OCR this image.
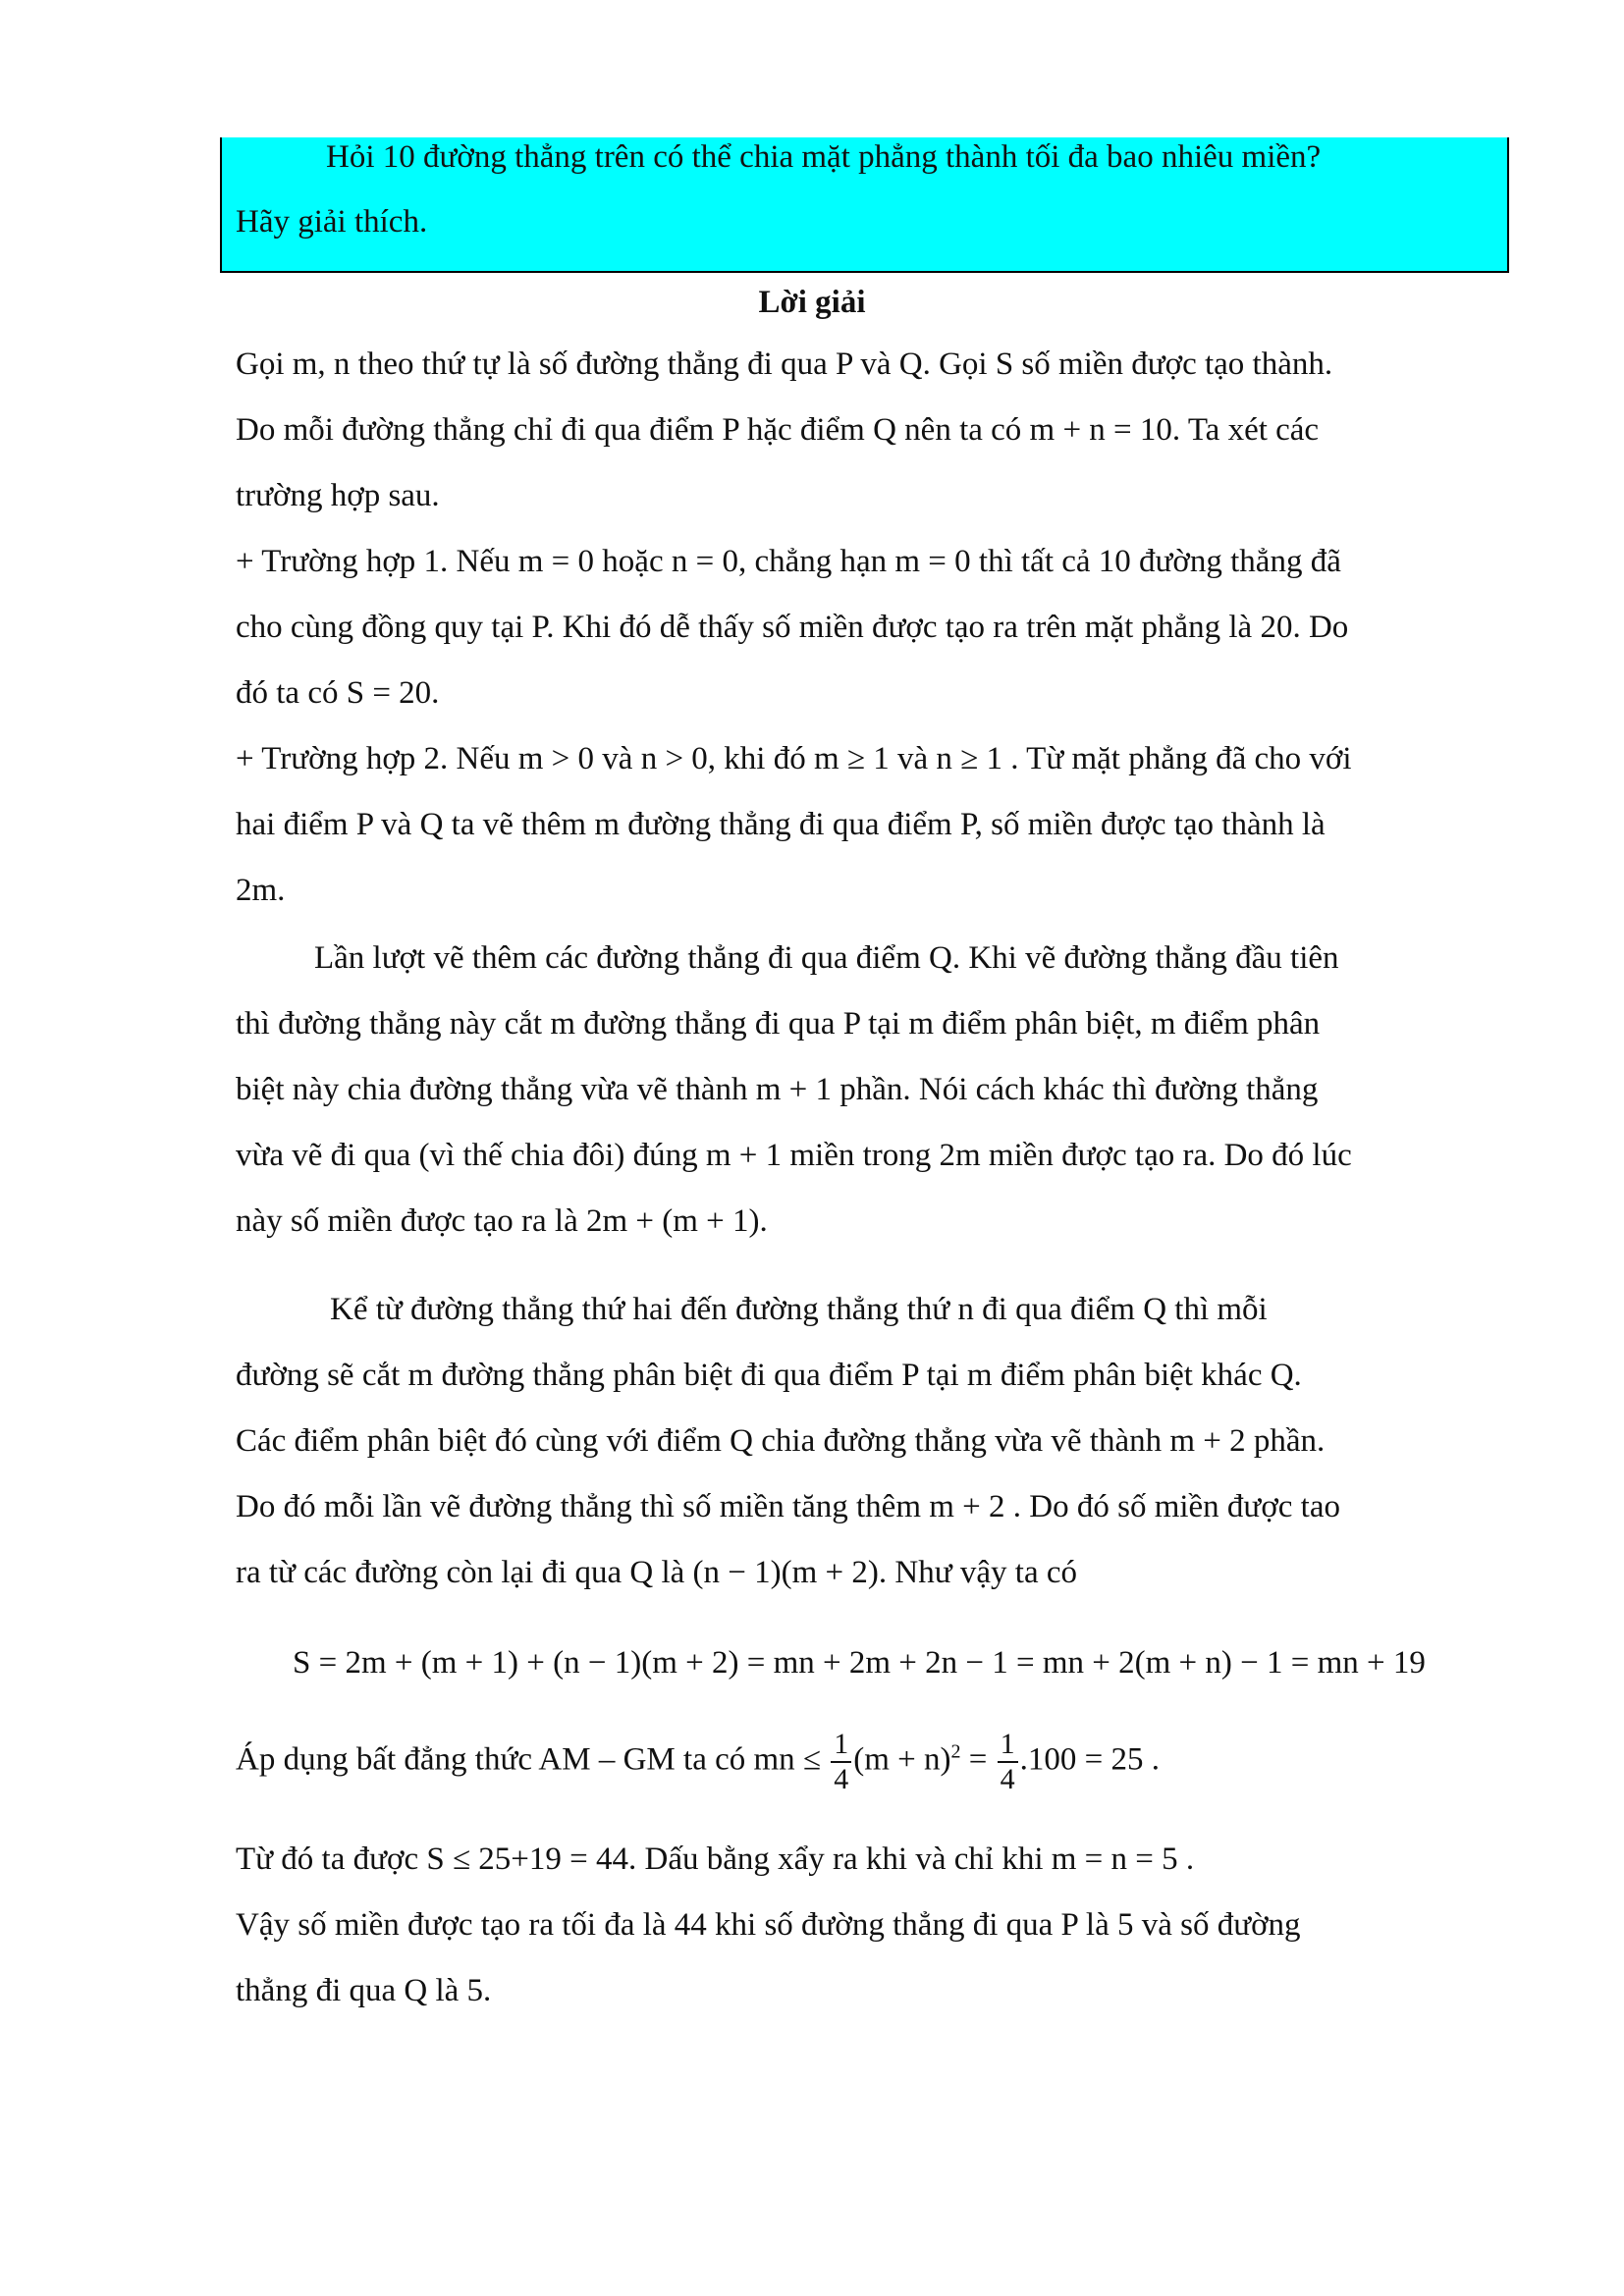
Hỏi 10 đường thẳng trên có thể chia mặt phẳng thành tối đa bao nhiêu miền?

Hãy giải thích.

Lời giải

Gọi m, n theo thứ tự là số đường thẳng đi qua P và Q. Gọi S số miền được tạo thành.

Do mỗi đường thẳng chỉ đi qua điểm P hặc điểm Q nên ta có m + n = 10. Ta xét các

trường hợp sau.

+ Trường hợp 1. Nếu m = 0 hoặc n = 0, chẳng hạn m = 0 thì tất cả 10 đường thẳng đã

cho cùng đồng quy tại P. Khi đó dễ thấy số miền được tạo ra trên mặt phẳng là 20. Do

đó ta có S = 20.

+ Trường hợp 2. Nếu m > 0 và n > 0, khi đó m ≥ 1 và n ≥ 1 . Từ mặt phẳng đã cho với

hai điểm P và Q ta vẽ thêm m đường thẳng đi qua điểm P, số miền được tạo thành là

2m.

Lần lượt vẽ thêm các đường thẳng đi qua điểm Q. Khi vẽ đường thẳng đầu tiên

thì đường thẳng này cắt m đường thẳng đi qua P tại m điểm phân biệt, m điểm phân

biệt này chia đường thẳng vừa vẽ thành m + 1 phần. Nói cách khác thì đường thẳng

vừa vẽ đi qua (vì thế chia đôi) đúng m + 1 miền trong 2m miền được tạo ra. Do đó lúc

này số miền được tạo ra là 2m + (m + 1).

Kể từ đường thẳng thứ hai đến đường thẳng thứ n đi qua điểm Q thì mỗi

đường sẽ cắt m đường thẳng phân biệt đi qua điểm P tại m điểm phân biệt khác Q.

Các điểm phân biệt đó cùng với điểm Q chia đường thẳng vừa vẽ thành m + 2 phần.

Do đó mỗi lần vẽ đường thẳng thì số miền tăng thêm m + 2 . Do đó số miền được tao

ra từ các đường còn lại đi qua Q là (n − 1)(m + 2). Như vậy ta có

S = 2m + (m + 1) + (n − 1)(m + 2) = mn + 2m + 2n − 1 = mn + 2(m + n) − 1 = mn + 19

Áp dụng bất đẳng thức AM – GM ta có mn ≤ $\frac{1}{4} (m + n)^2 = \frac{1}{4} .100 = 25$ .

Từ đó ta được S ≤ 25+19 = 44. Dấu bằng xẩy ra khi và chỉ khi m = n = 5 .

Vậy số miền được tạo ra tối đa là 44 khi số đường thẳng đi qua P là 5 và số đường

thẳng đi qua Q là 5.
